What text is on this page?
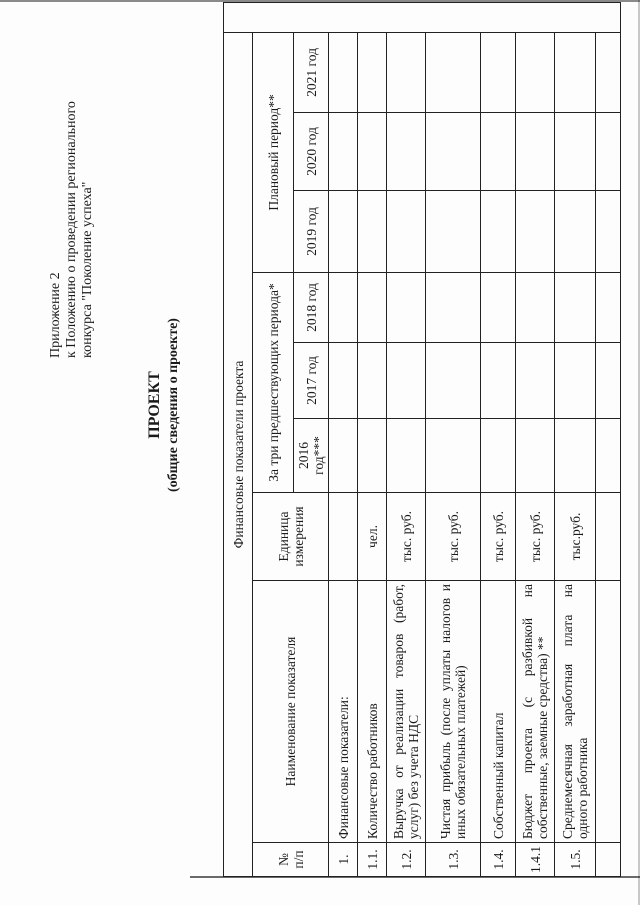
Приложение 2 к Положению о проведении регионального конкурса "Поколение успеха"
ПРОЕКТ (общие сведения о проекте)	Финансовые показатели проекта									
№ п/п	Наименование показателя	Единица измерения	За три предшествующих периода*			Плановый период**			
			2016 год***	2017 год	2018 год	2019 год	2020 год	2021 год	
1.	Финансовые показатели:								
1.1.	Количество работников	чел.							
1.2.	Выручка от реализации товаров (работ, услуг) без учета НДС	тыс. руб.							
1.3.	Чистая прибыль (после уплаты налогов и иных обязательных платежей)	тыс. руб.							
1.4.	Собственный капитал	тыс. руб.							
1.4.1	Бюджет проекта (с разбивкой на собственные, заемные средства) **	тыс. руб.							
1.5.	Среднемесячная заработная плата на одного работника	тыс.руб.							
